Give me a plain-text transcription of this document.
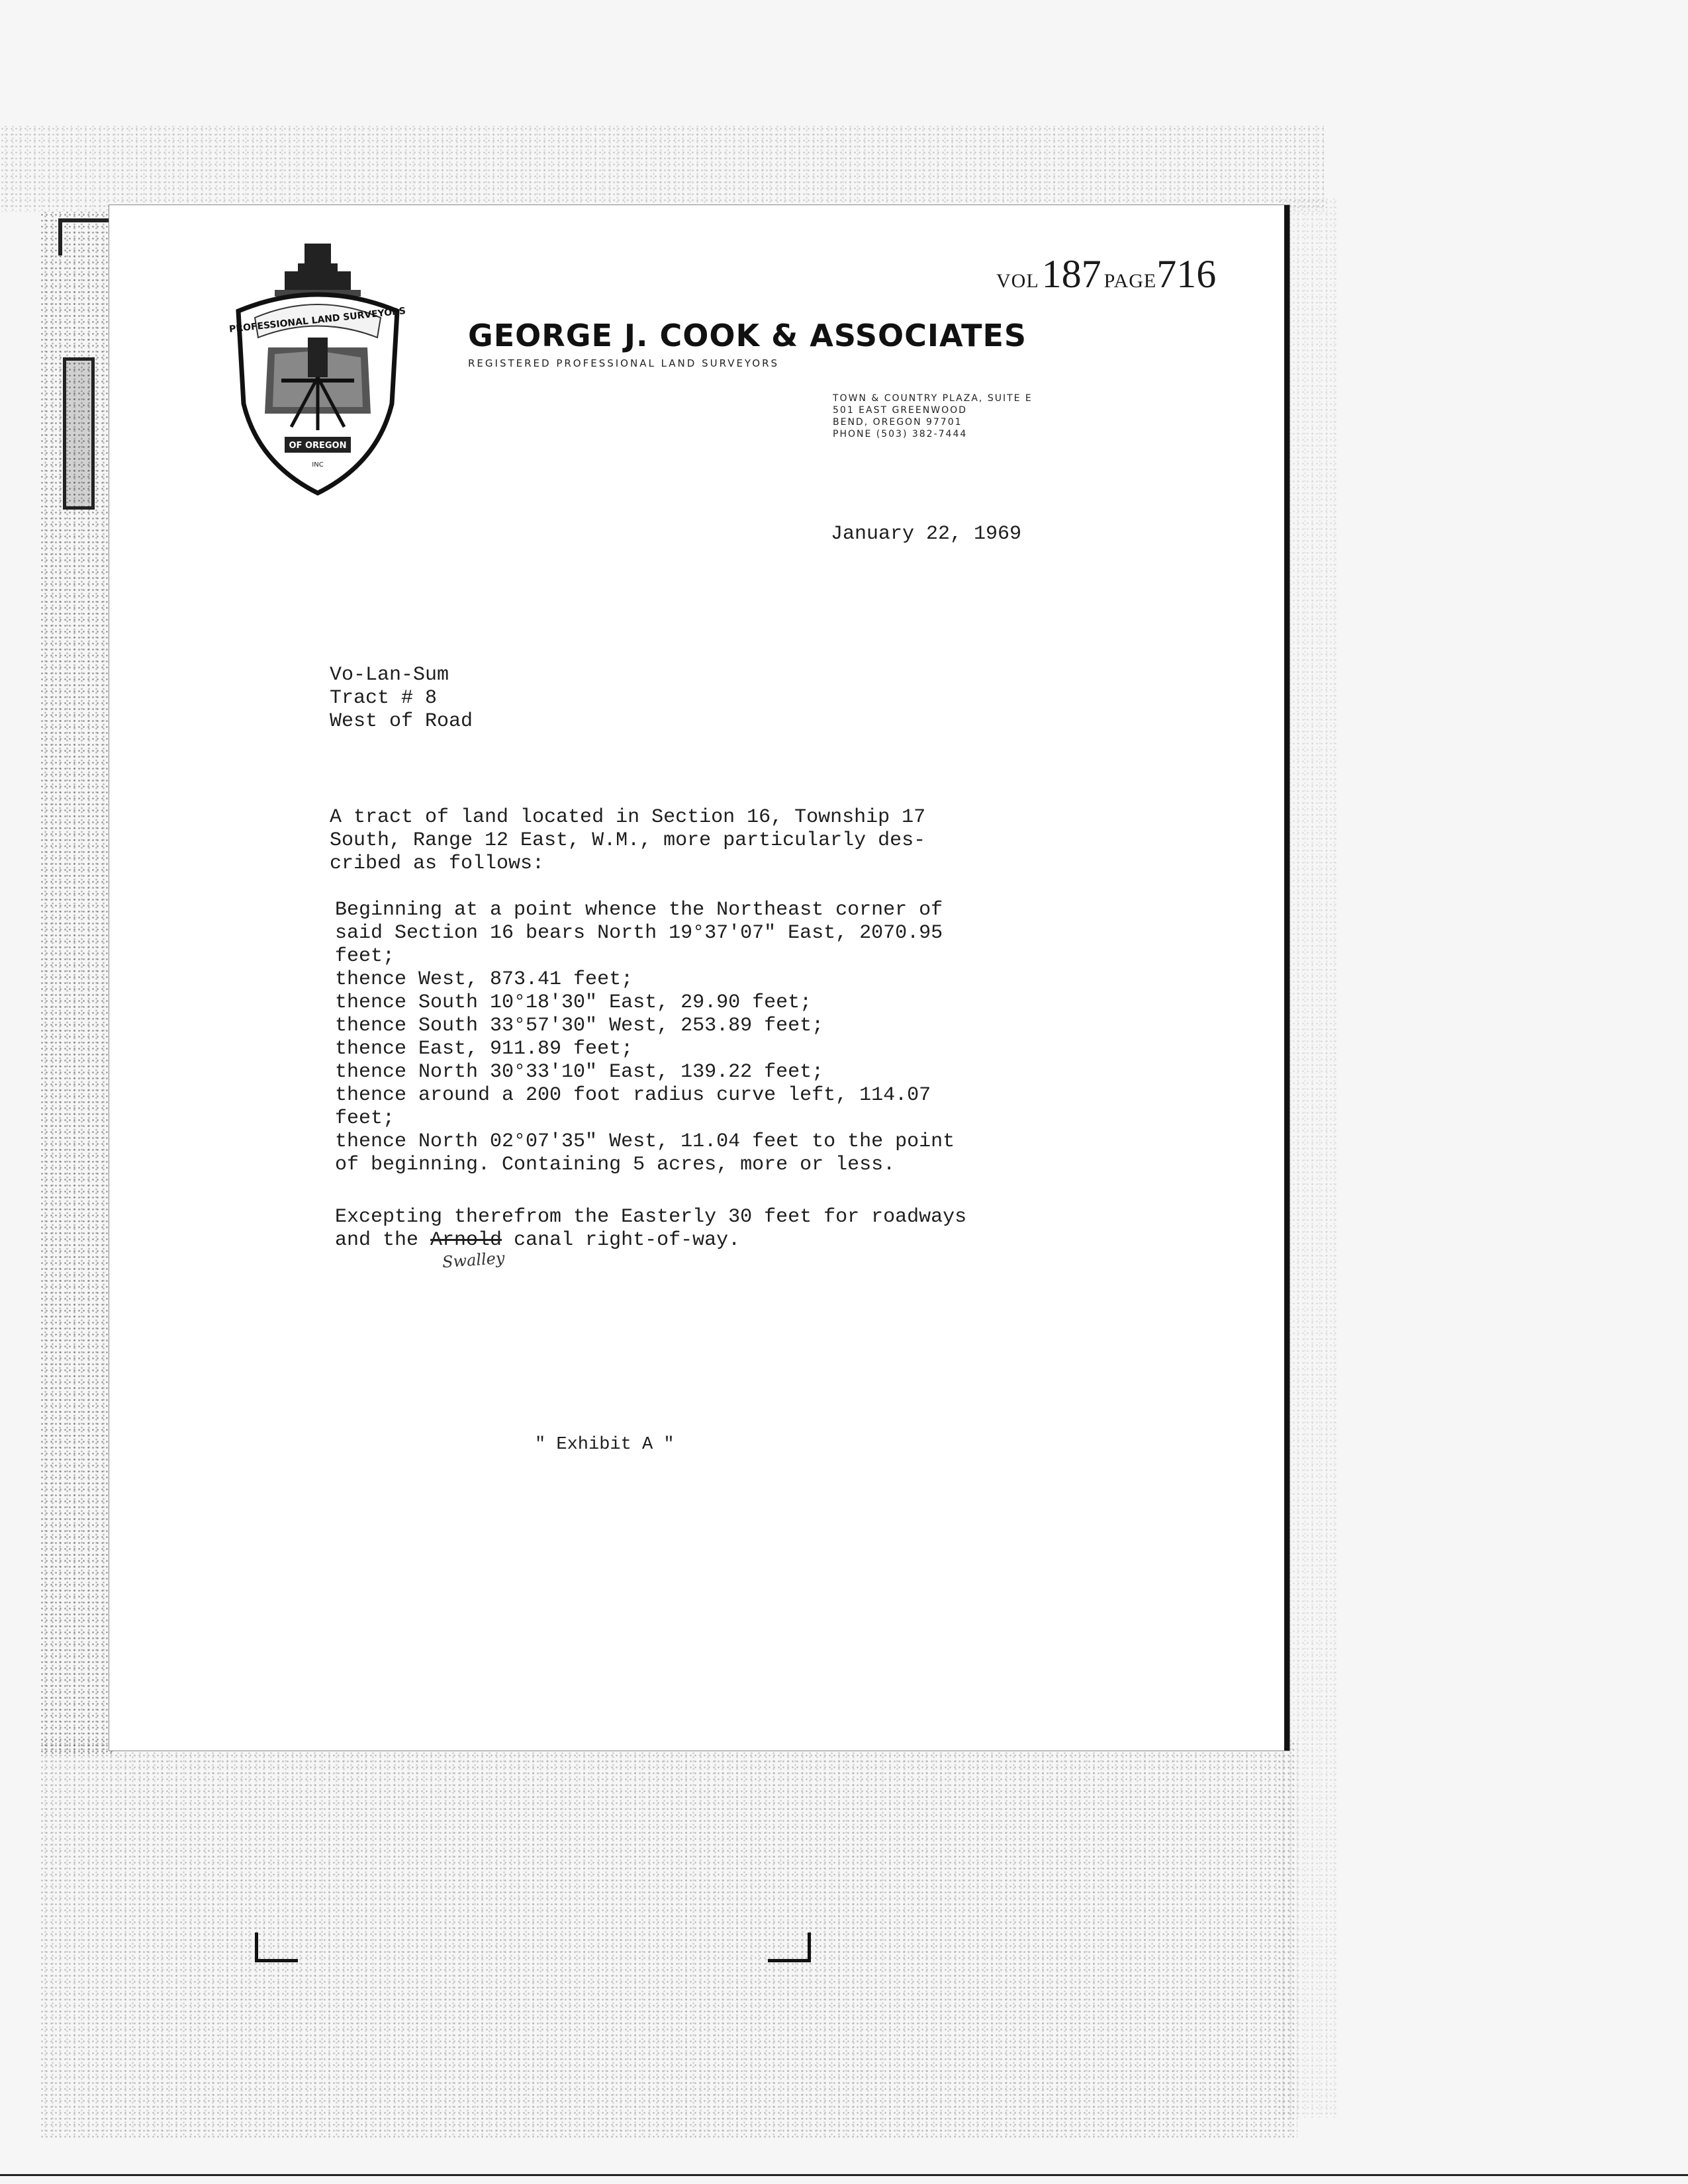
PROFESSIONAL LAND SURVEYORS
OF OREGON
INC
VOL 187 PAGE716
GEORGE J. COOK & ASSOCIATES
REGISTERED PROFESSIONAL LAND SURVEYORS
TOWN & COUNTRY PLAZA, SUITE E
501 EAST GREENWOOD
BEND, OREGON 97701
PHONE (503) 382-7444
January 22, 1969
Vo-Lan-Sum
Tract # 8
West of Road
A tract of land located in Section 16, Township 17
South, Range 12 East, W.M., more particularly des-
cribed as follows:
Beginning at a point whence the Northeast corner of
said Section 16 bears North 19°37'07" East, 2070.95
feet;
thence West, 873.41 feet;
thence South 10°18'30" East, 29.90 feet;
thence South 33°57'30" West, 253.89 feet;
thence East, 911.89 feet;
thence North 30°33'10" East, 139.22 feet;
thence around a 200 foot radius curve left, 114.07
feet;
thence North 02°07'35" West, 11.04 feet to the point
of beginning. Containing 5 acres, more or less.
Excepting therefrom the Easterly 30 feet for roadways
and the Arnold canal right-of-way.
Swalley
" Exhibit A "
